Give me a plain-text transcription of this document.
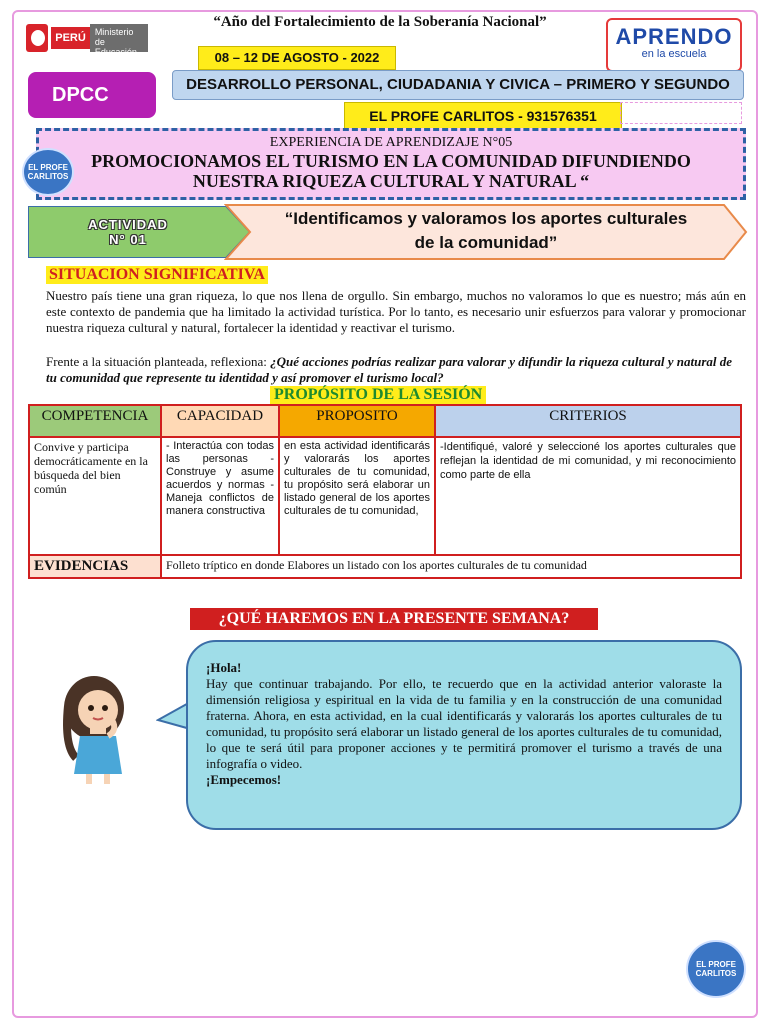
PERÚ	Ministerio de Educación
“Año del Fortalecimiento de la Soberanía Nacional”
APRENDO
en la escuela
08 – 12 DE AGOSTO - 2022
DPCC	DESARROLLO PERSONAL, CIUDADANIA Y CIVICA – PRIMERO Y SEGUNDO
EL PROFE CARLITOS - 931576351
EXPERIENCIA DE APRENDIZAJE N°05
PROMOCIONAMOS EL TURISMO EN LA COMUNIDAD DIFUNDIENDO
NUESTRA RIQUEZA CULTURAL Y NATURAL “
EL PROFE CARLITOS
ACTIVIDAD
N° 01
“Identificamos y valoramos los aportes culturales
de la comunidad”
SITUACION SIGNIFICATIVA
Nuestro país tiene una gran riqueza, lo que nos llena de orgullo. Sin embargo, muchos no valoramos lo que es nuestro; más aún en este contexto de pandemia que ha limitado la actividad turística. Por lo tanto, es necesario unir esfuerzos para valorar y promocionar nuestra riqueza cultural y natural, fortalecer la identidad y reactivar el turismo.
Frente a la situación planteada, reflexiona: ¿Qué acciones podrías realizar para valorar y difundir la riqueza cultural y natural de tu comunidad que represente tu identidad y así promover el turismo local?
PROPÓSITO DE LA SESIÓN
COMPETENCIA	CAPACIDAD	PROPOSITO	CRITERIOS
Convive y participa democráticamente en la búsqueda del bien común	- Interactúa con todas las personas -Construye y asume acuerdos y normas -Maneja conflictos de manera constructiva	en esta actividad identificarás y valorarás los aportes culturales de tu comunidad, tu propósito será elaborar un listado general de los aportes culturales de tu comunidad,	-Identifiqué, valoré y seleccioné los aportes culturales que reflejan la identidad de mi comunidad, y mi reconocimiento como parte de ella
EVIDENCIAS	Folleto tríptico en donde Elabores un listado con los aportes culturales de tu comunidad		
¿QUÉ HAREMOS EN LA PRESENTE SEMANA?
¡Hola!
Hay que continuar trabajando. Por ello, te recuerdo que en la actividad anterior valoraste la dimensión religiosa y espiritual en la vida de tu familia y en la construcción de una comunidad fraterna. Ahora, en esta actividad, en la cual identificarás y valorarás los aportes culturales de tu comunidad, tu propósito será elaborar un listado general de los aportes culturales de tu comunidad, lo que te será útil para proponer acciones y te permitirá promover el turismo a través de una infografía o video.
¡Empecemos!
EL PROFE CARLITOS
